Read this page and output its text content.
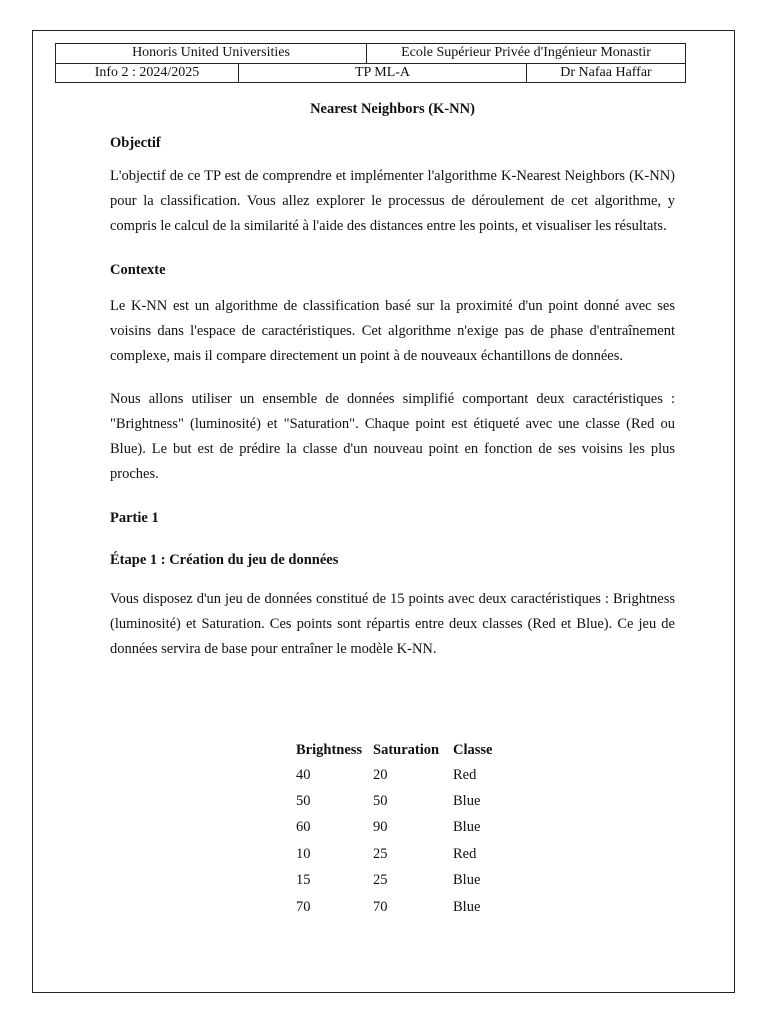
Honoris United Universities	Ecole Supérieur Privée d'Ingénieur Monastir
Info 2 : 2024/2025	TP ML-A	Dr Nafaa Haffar
Nearest Neighbors (K-NN)
Objectif

L'objectif de ce TP est de comprendre et implémenter l'algorithme K-Nearest Neighbors (K-NN) pour la classification. Vous allez explorer le processus de déroulement de cet algorithme, y compris le calcul de la similarité à l'aide des distances entre les points, et visualiser les résultats.

Contexte

Le K-NN est un algorithme de classification basé sur la proximité d'un point donné avec ses voisins dans l'espace de caractéristiques. Cet algorithme n'exige pas de phase d'entraînement complexe, mais il compare directement un point à de nouveaux échantillons de données.

Nous allons utiliser un ensemble de données simplifié comportant deux caractéristiques : "Brightness" (luminosité) et "Saturation". Chaque point est étiqueté avec une classe (Red ou Blue). Le but est de prédire la classe d'un nouveau point en fonction de ses voisins les plus proches.

Partie 1
Étape 1 : Création du jeu de données

Vous disposez d'un jeu de données constitué de 15 points avec deux caractéristiques : Brightness (luminosité) et Saturation. Ces points sont répartis entre deux classes (Red et Blue). Ce jeu de données servira de base pour entraîner le modèle K-NN.

Brightness	Saturation	Classe
40	20	Red
50	50	Blue
60	90	Blue
10	25	Red
15	25	Blue
70	70	Blue
